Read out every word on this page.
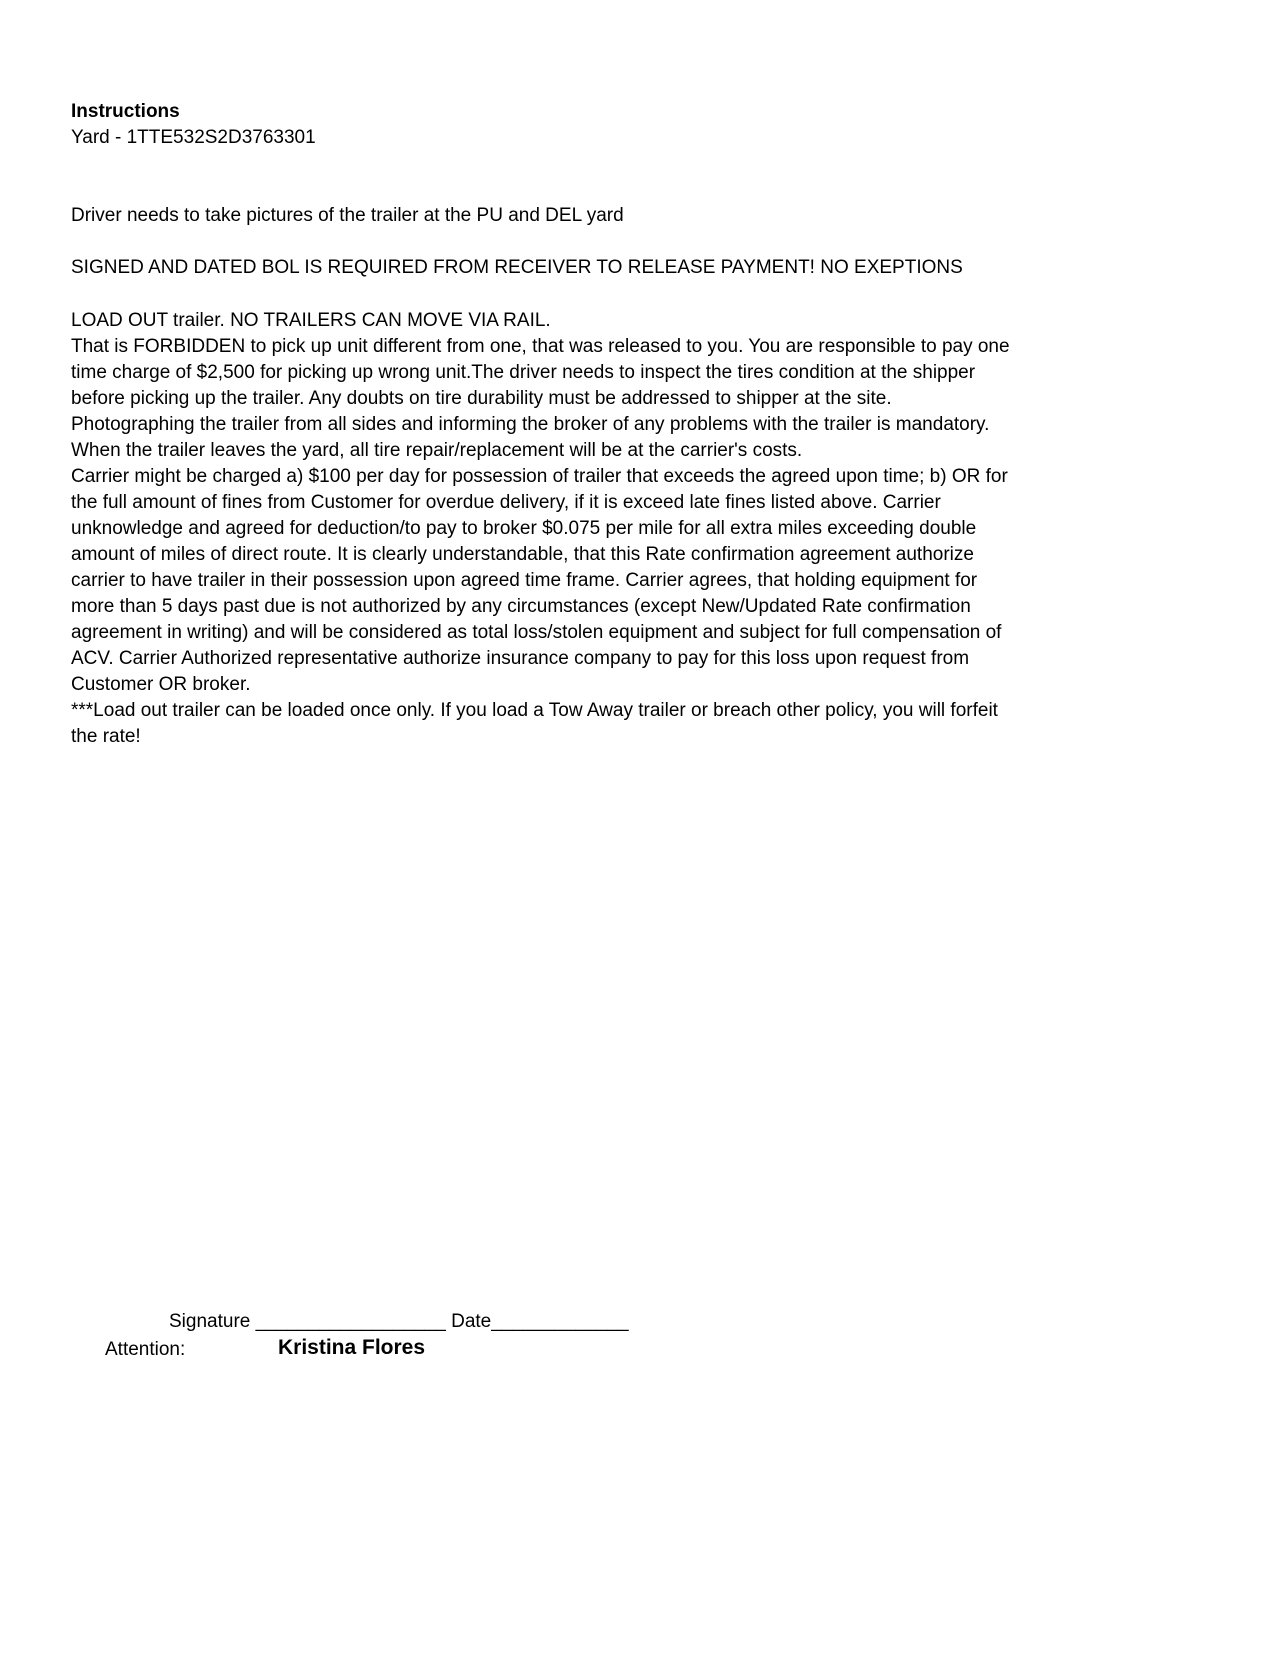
Instructions
Yard - 1TTE532S2D3763301
Driver needs to take pictures of the trailer at the PU and DEL yard
SIGNED AND DATED BOL IS REQUIRED FROM RECEIVER TO RELEASE PAYMENT! NO EXEPTIONS
LOAD OUT trailer. NO TRAILERS CAN MOVE VIA RAIL.
That is FORBIDDEN to pick up unit different from one, that was released to you. You are responsible to pay one
time charge of $2,500 for picking up wrong unit.The driver needs to inspect the tires condition at the shipper
before picking up the trailer. Any doubts on tire durability must be addressed to shipper at the site.
Photographing the trailer from all sides and informing the broker of any problems with the trailer is mandatory.
When the trailer leaves the yard, all tire repair/replacement will be at the carrier's costs.
Carrier might be charged a) $100 per day for possession of trailer that exceeds the agreed upon time; b) OR for
the full amount of fines from Customer for overdue delivery, if it is exceed late fines listed above. Carrier
unknowledge and agreed for deduction/to pay to broker $0.075 per mile for all extra miles exceeding double
amount of miles of direct route. It is clearly understandable, that this Rate confirmation agreement authorize
carrier to have trailer in their possession upon agreed time frame. Carrier agrees, that holding equipment for
more than 5 days past due is not authorized by any circumstances (except New/Updated Rate confirmation
agreement in writing) and will be considered as total loss/stolen equipment and subject for full compensation of
ACV. Carrier Authorized representative authorize insurance company to pay for this loss upon request from
Customer OR broker.
***Load out trailer can be loaded once only. If you load a Tow Away trailer or breach other policy, you will forfeit
the rate!
Signature __________________ Date_____________
Attention:	Kristina Flores
